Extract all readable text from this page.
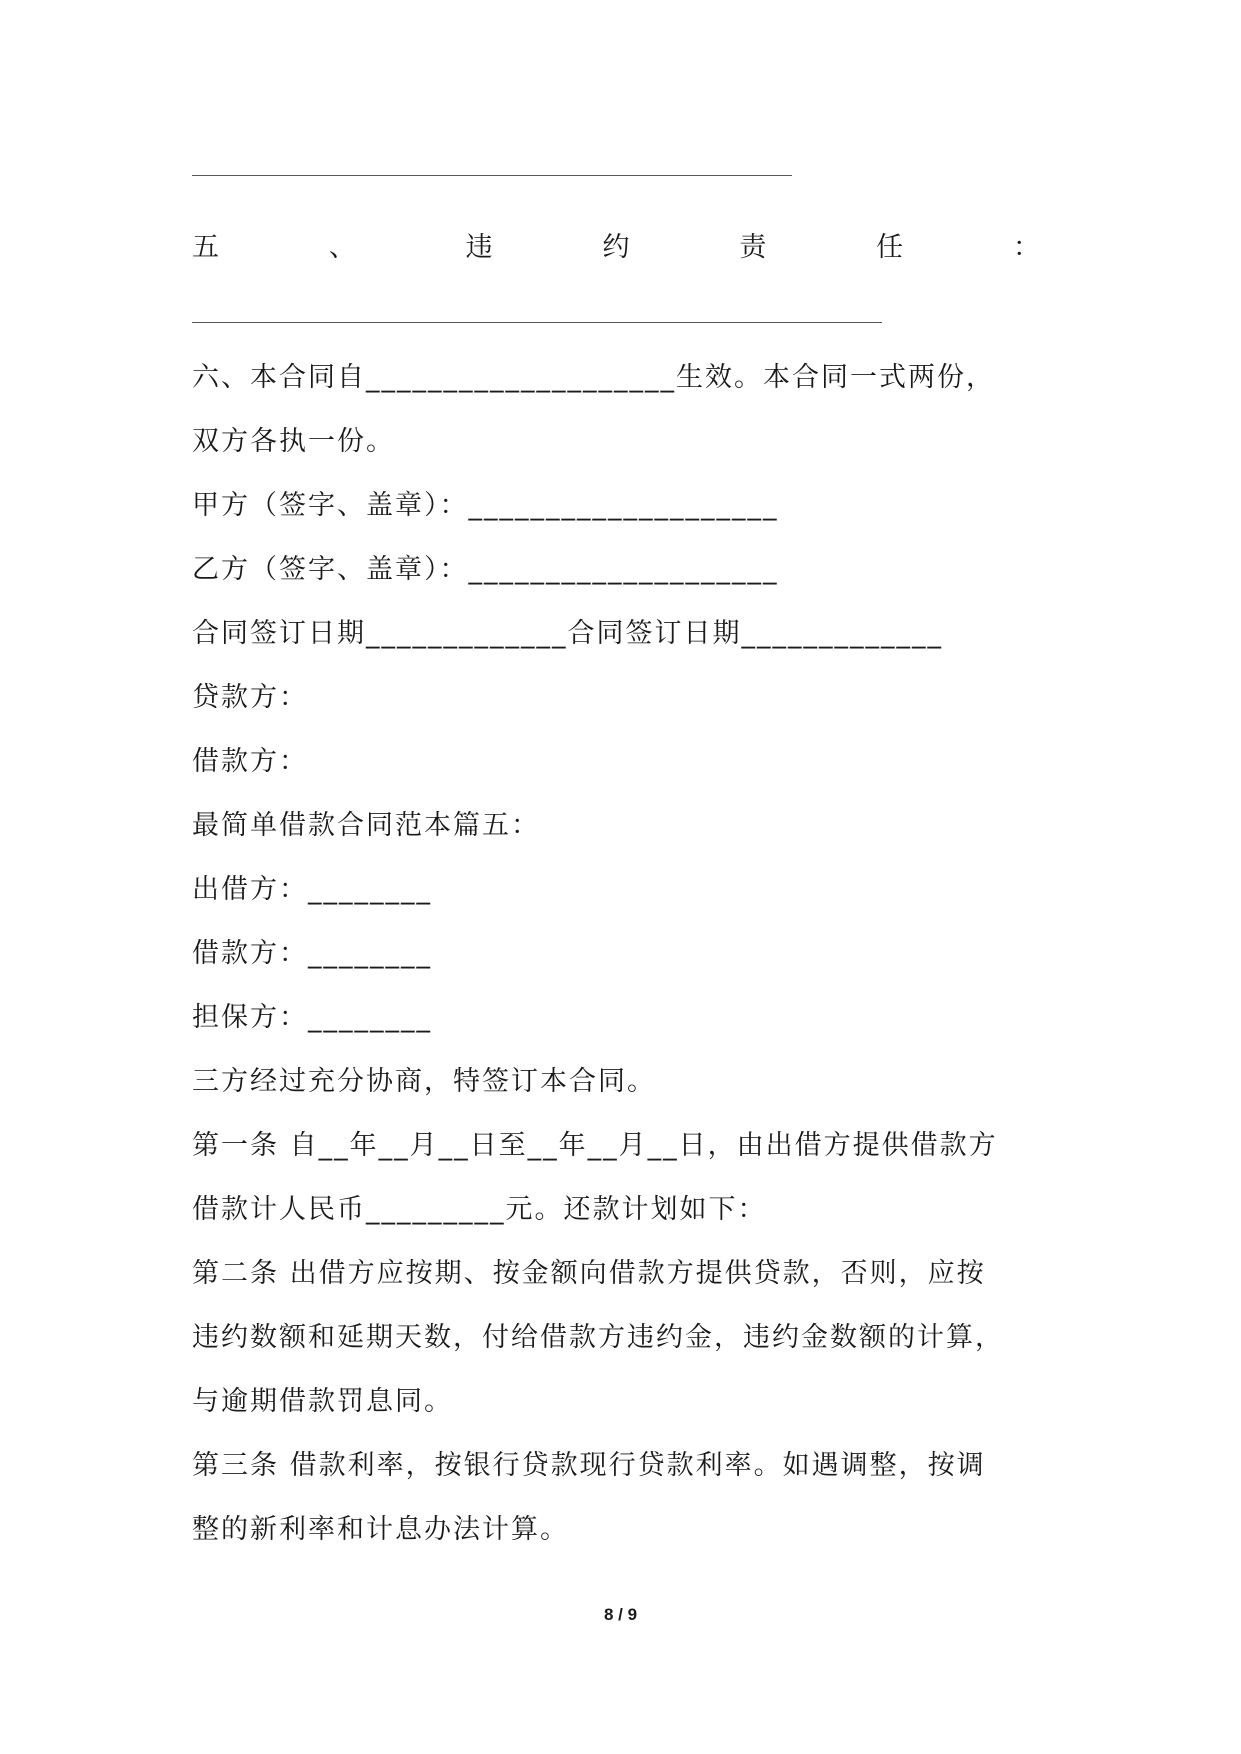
五	、	违	约	责	任	：
六、本合同自____________________生效。本合同一式两份，
双方各执一份。
甲方（签字、盖章）：____________________
乙方（签字、盖章）：____________________
合同签订日期_____________合同签订日期_____________
贷款方：
借款方：
最简单借款合同范本篇五：
出借方：________
借款方：________
担保方：________
三方经过充分协商，特签订本合同。
第一条 自__年__月__日至__年__月__日，由出借方提供借款方
借款计人民币_________元。还款计划如下：
第二条 出借方应按期、按金额向借款方提供贷款，否则，应按
违约数额和延期天数，付给借款方违约金，违约金数额的计算，
与逾期借款罚息同。
第三条 借款利率，按银行贷款现行贷款利率。如遇调整，按调
整的新利率和计息办法计算。
8 / 9
